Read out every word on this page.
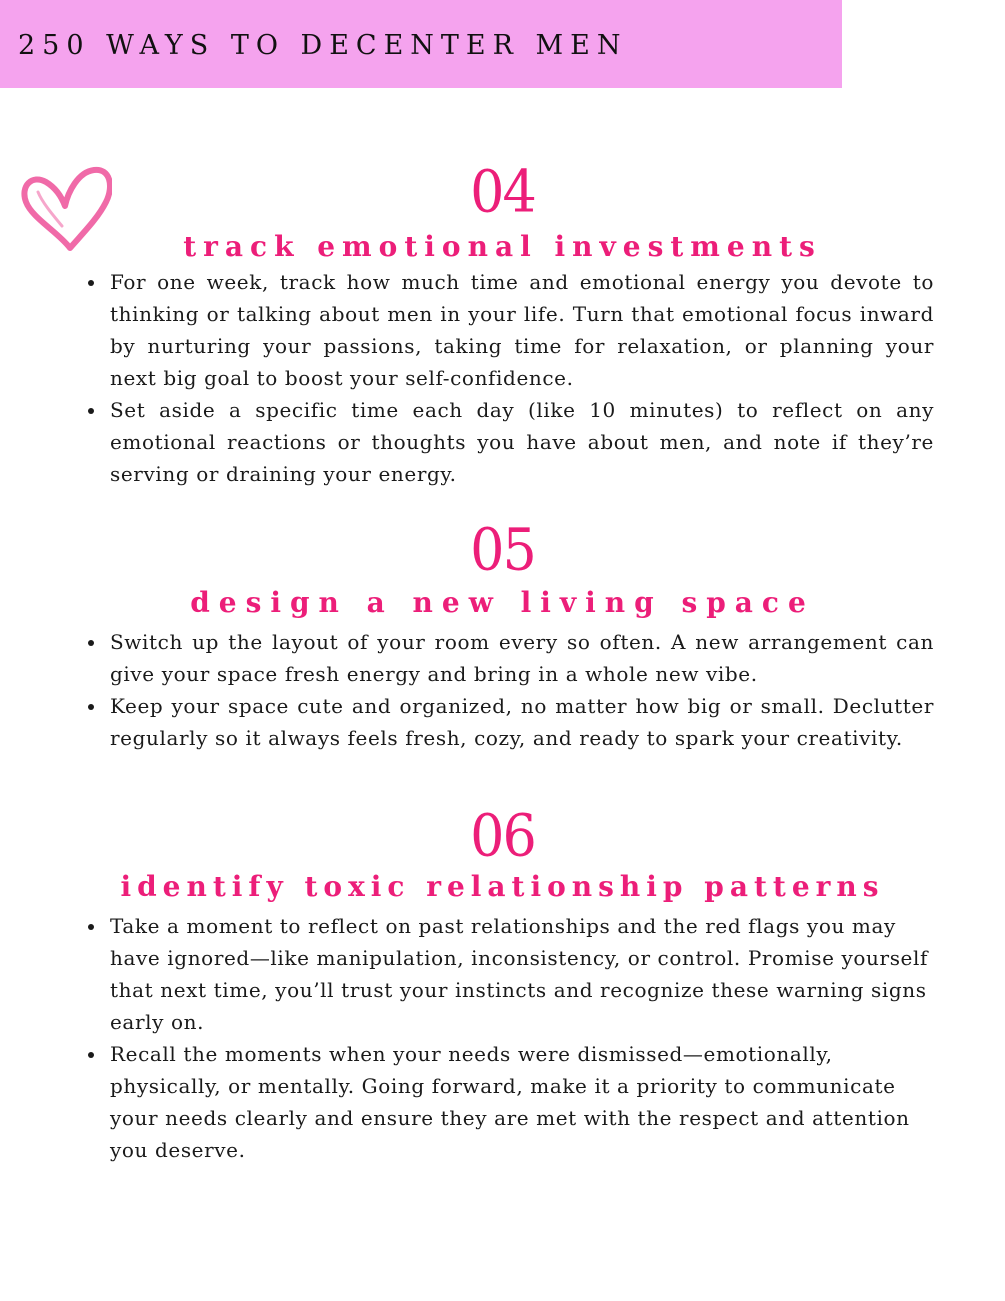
250 WAYS TO DECENTER MEN
04
track emotional investments
For one week, track how much time and emotional energy you devote to thinking or talking about men in your life. Turn that emotional focus inward by nurturing your passions, taking time for relaxation, or planning your next big goal to boost your self-confidence.
Set aside a specific time each day (like 10 minutes) to reflect on any emotional reactions or thoughts you have about men, and note if they’re serving or draining your energy.
05
design a new living space
Switch up the layout of your room every so often. A new arrangement can give your space fresh energy and bring in a whole new vibe.
Keep your space cute and organized, no matter how big or small. Declutter regularly so it always feels fresh, cozy, and ready to spark your creativity.
06
identify toxic relationship patterns
Take a moment to reflect on past relationships and the red flags you may have ignored—like manipulation, inconsistency, or control. Promise yourself that next time, you’ll trust your instincts and recognize these warning signs early on.
Recall the moments when your needs were dismissed—emotionally, physically, or mentally. Going forward, make it a priority to communicate your needs clearly and ensure they are met with the respect and attention you deserve.
